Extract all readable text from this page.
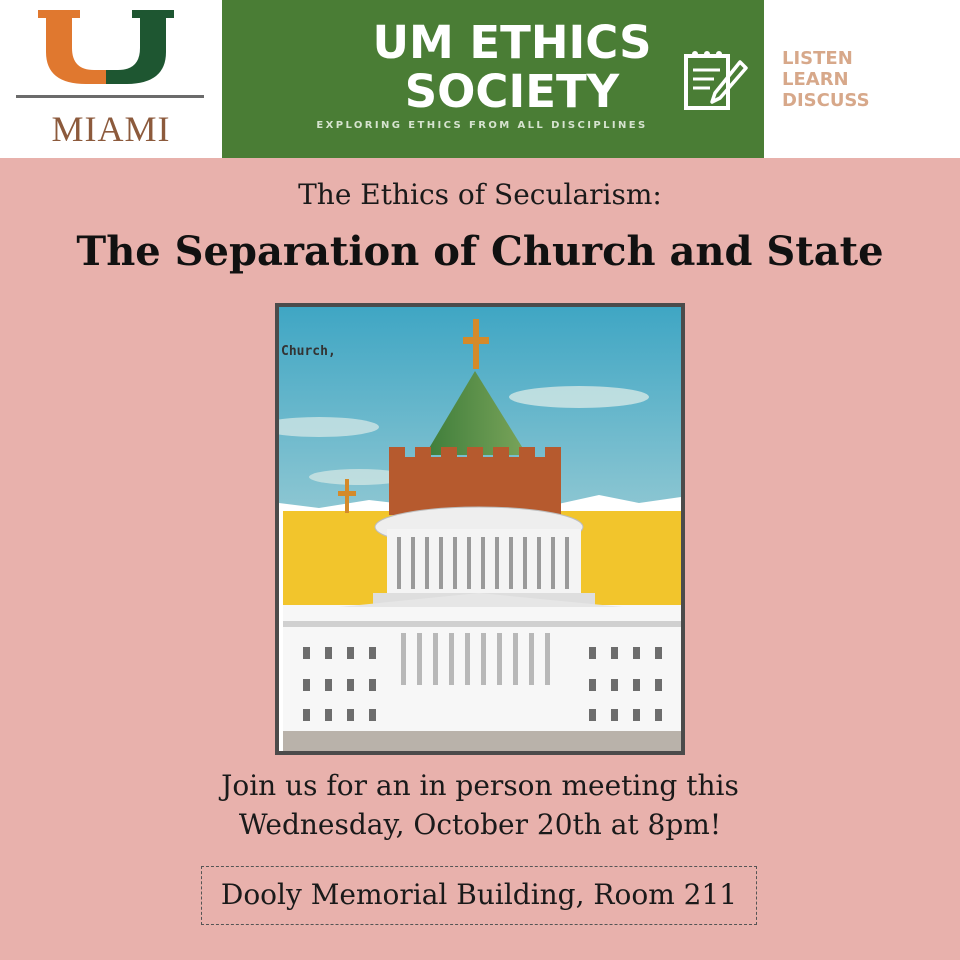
MIAMI
UM ETHICS
SOCIETY
EXPLORING ETHICS FROM ALL DISCIPLINES
LISTEN
LEARN
DISCUSS
The Ethics of Secularism:
The Separation of Church and State
Church,
Join us for an in person meeting this
Wednesday, October 20th at 8pm!
Dooly Memorial Building, Room 211
